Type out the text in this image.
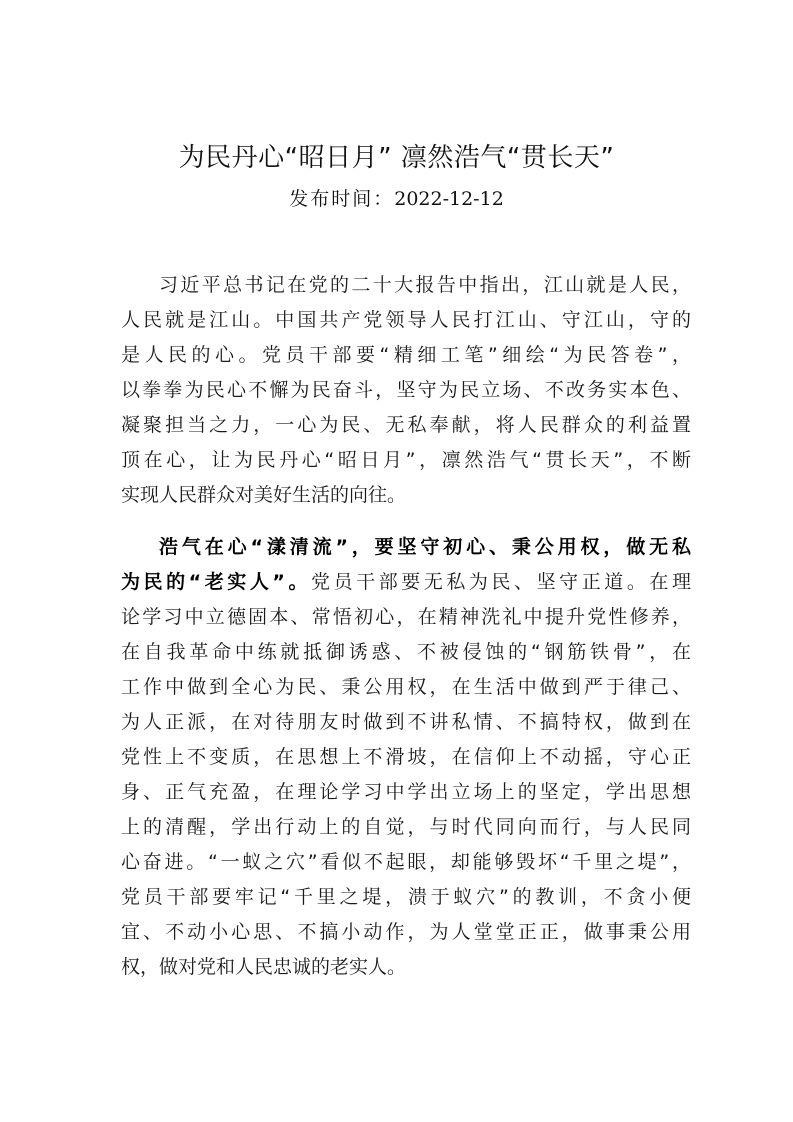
为民丹心“昭日月” 凛然浩气“贯长天”
发布时间：2022-12-12
习近平总书记在党的二十大报告中指出，江山就是人民，
人民就是江山。中国共产党领导人民打江山、守江山，守的
是人民的心。党员干部要“精细工笔”细绘“为民答卷”，
以拳拳为民心不懈为民奋斗，坚守为民立场、不改务实本色、
凝聚担当之力，一心为民、无私奉献，将人民群众的利益置
顶在心，让为民丹心“昭日月”，凛然浩气“贯长天”，不断
实现人民群众对美好生活的向往。
浩气在心“漾清流”，要坚守初心、秉公用权，做无私
为民的“老实人”。党员干部要无私为民、坚守正道。在理
论学习中立德固本、常悟初心，在精神洗礼中提升党性修养，
在自我革命中练就抵御诱惑、不被侵蚀的“钢筋铁骨”，在
工作中做到全心为民、秉公用权，在生活中做到严于律己、
为人正派，在对待朋友时做到不讲私情、不搞特权，做到在
党性上不变质，在思想上不滑坡，在信仰上不动摇，守心正
身、正气充盈，在理论学习中学出立场上的坚定，学出思想
上的清醒，学出行动上的自觉，与时代同向而行，与人民同
心奋进。“一蚁之穴”看似不起眼，却能够毁坏“千里之堤”，
党员干部要牢记“千里之堤，溃于蚁穴”的教训，不贪小便
宜、不动小心思、不搞小动作，为人堂堂正正，做事秉公用
权，做对党和人民忠诚的老实人。
